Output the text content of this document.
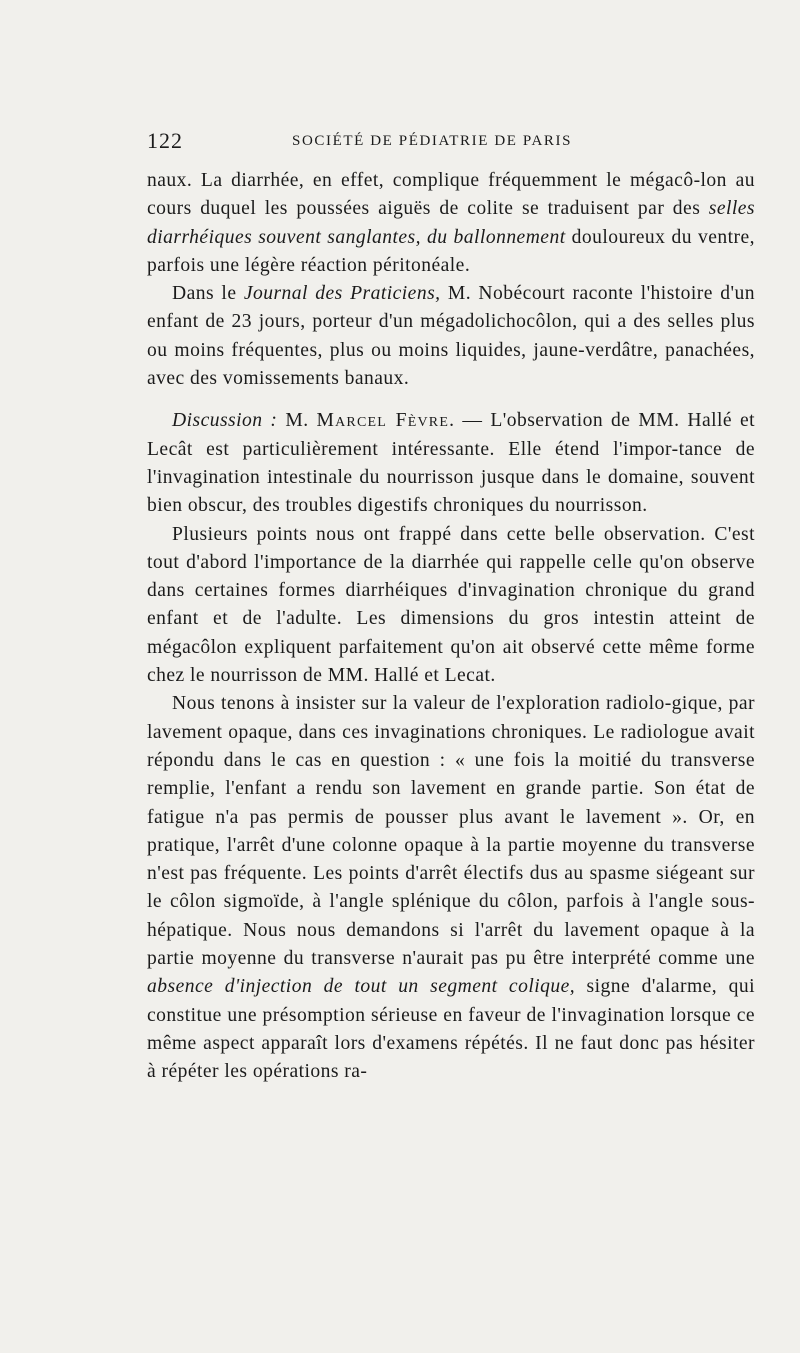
122	SOCIÉTÉ DE PÉDIATRIE DE PARIS

naux. La diarrhée, en effet, complique fréquemment le mégacô-lon au cours duquel les poussées aiguës de colite se traduisent par des selles diarrhéiques souvent sanglantes, du ballonnement douloureux du ventre, parfois une légère réaction péritonéale.

Dans le Journal des Praticiens, M. Nobécourt raconte l'histoire d'un enfant de 23 jours, porteur d'un mégadolichocôlon, qui a des selles plus ou moins fréquentes, plus ou moins liquides, jaune-verdâtre, panachées, avec des vomissements banaux.

Discussion : M. Marcel Fèvre. — L'observation de MM. Hallé et Lecât est particulièrement intéressante. Elle étend l'impor-tance de l'invagination intestinale du nourrisson jusque dans le domaine, souvent bien obscur, des troubles digestifs chroniques du nourrisson.

Plusieurs points nous ont frappé dans cette belle observation. C'est tout d'abord l'importance de la diarrhée qui rappelle celle qu'on observe dans certaines formes diarrhéiques d'invagination chronique du grand enfant et de l'adulte. Les dimensions du gros intestin atteint de mégacôlon expliquent parfaitement qu'on ait observé cette même forme chez le nourrisson de MM. Hallé et Lecat.

Nous tenons à insister sur la valeur de l'exploration radiolo-gique, par lavement opaque, dans ces invaginations chroniques. Le radiologue avait répondu dans le cas en question : « une fois la moitié du transverse remplie, l'enfant a rendu son lavement en grande partie. Son état de fatigue n'a pas permis de pousser plus avant le lavement ». Or, en pratique, l'arrêt d'une colonne opaque à la partie moyenne du transverse n'est pas fréquente. Les points d'arrêt électifs dus au spasme siégeant sur le côlon sigmoïde, à l'angle splénique du côlon, parfois à l'angle sous-hépatique. Nous nous demandons si l'arrêt du lavement opaque à la partie moyenne du transverse n'aurait pas pu être interprété comme une absence d'injection de tout un segment colique, signe d'alarme, qui constitue une présomption sérieuse en faveur de l'invagination lorsque ce même aspect apparaît lors d'examens répétés. Il ne faut donc pas hésiter à répéter les opérations ra-
